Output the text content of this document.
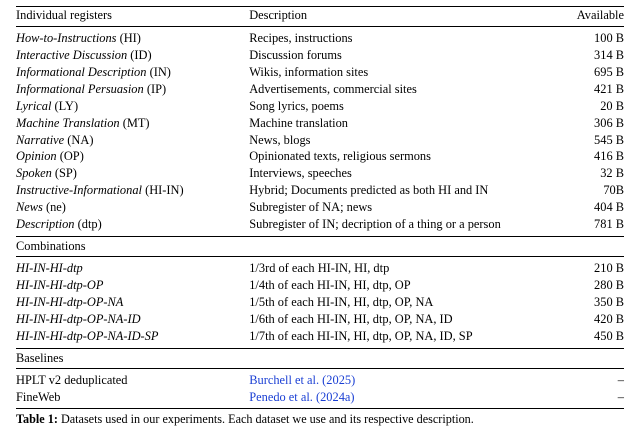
Individual registers	Description	Available
How-to-Instructions (HI)	Recipes, instructions	100 B
Interactive Discussion (ID)	Discussion forums	314 B
Informational Description (IN)	Wikis, information sites	695 B
Informational Persuasion (IP)	Advertisements, commercial sites	421 B
Lyrical (LY)	Song lyrics, poems	20 B
Machine Translation (MT)	Machine translation	306 B
Narrative (NA)	News, blogs	545 B
Opinion (OP)	Opinionated texts, religious sermons	416 B
Spoken (SP)	Interviews, speeches	32 B
Instructive-Informational (HI-IN)	Hybrid; Documents predicted as both HI and IN	70B
News (ne)	Subregister of NA; news	404 B
Description (dtp)	Subregister of IN; decription of a thing or a person	781 B
Combinations		
HI-IN-HI-dtp	1/3rd of each HI-IN, HI, dtp	210 B
HI-IN-HI-dtp-OP	1/4th of each HI-IN, HI, dtp, OP	280 B
HI-IN-HI-dtp-OP-NA	1/5th of each HI-IN, HI, dtp, OP, NA	350 B
HI-IN-HI-dtp-OP-NA-ID	1/6th of each HI-IN, HI, dtp, OP, NA, ID	420 B
HI-IN-HI-dtp-OP-NA-ID-SP	1/7th of each HI-IN, HI, dtp, OP, NA, ID, SP	450 B
Baselines		
HPLT v2 deduplicated	Burchell et al. (2025)	–
FineWeb	Penedo et al. (2024a)	–
Table 1: Datasets used in our experiments. Each dataset we use and its respective description.
